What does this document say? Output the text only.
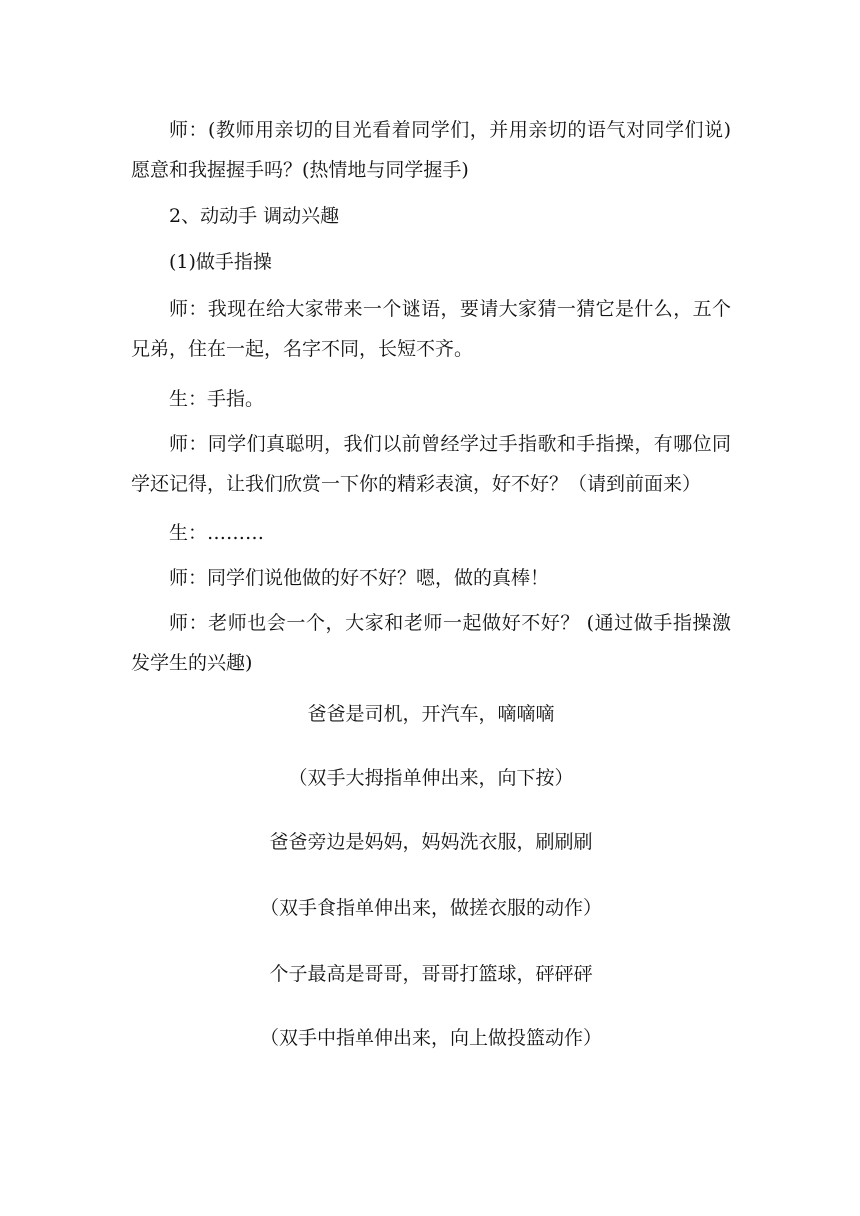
师：(教师用亲切的目光看着同学们，并用亲切的语气对同学们说)愿意和我握握手吗？(热情地与同学握手)

2、动动手 调动兴趣

(1)做手指操

师：我现在给大家带来一个谜语，要请大家猜一猜它是什么，五个兄弟，住在一起，名字不同，长短不齐。

生：手指。

师：同学们真聪明，我们以前曾经学过手指歌和手指操，有哪位同学还记得，让我们欣赏一下你的精彩表演，好不好？（请到前面来）

生：………

师：同学们说他做的好不好？嗯，做的真棒！

师：老师也会一个，大家和老师一起做好不好？ (通过做手指操激发学生的兴趣)

爸爸是司机，开汽车，嘀嘀嘀

（双手大拇指单伸出来，向下按）

爸爸旁边是妈妈，妈妈洗衣服，刷刷刷

（双手食指单伸出来，做搓衣服的动作）

个子最高是哥哥，哥哥打篮球，砰砰砰

（双手中指单伸出来，向上做投篮动作）
